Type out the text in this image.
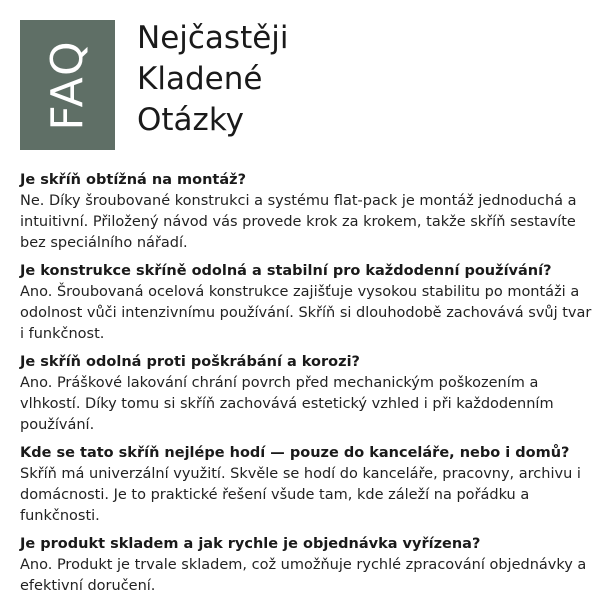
FAQ
Nejčastěji
Kladené
Otázky
Je skříň obtížná na montáž?
Ne. Díky šroubované konstrukci a systému flat-pack je montáž jednoduchá a intuitivní. Přiložený návod vás provede krok za krokem, takže skříň sestavíte bez speciálního nářadí.
Je konstrukce skříně odolná a stabilní pro každodenní používání?
Ano. Šroubovaná ocelová konstrukce zajišťuje vysokou stabilitu po montáži a odolnost vůči intenzivnímu používání. Skříň si dlouhodobě zachovává svůj tvar i funkčnost.
Je skříň odolná proti poškrábání a korozi?
Ano. Práškové lakování chrání povrch před mechanickým poškozením a vlhkostí. Díky tomu si skříň zachovává estetický vzhled i při každodenním používání.
Kde se tato skříň nejlépe hodí — pouze do kanceláře, nebo i domů?
Skříň má univerzální využití. Skvěle se hodí do kanceláře, pracovny, archivu i domácnosti. Je to praktické řešení všude tam, kde záleží na pořádku a funkčnosti.
Je produkt skladem a jak rychle je objednávka vyřízena?
Ano. Produkt je trvale skladem, což umožňuje rychlé zpracování objednávky a efektivní doručení.
